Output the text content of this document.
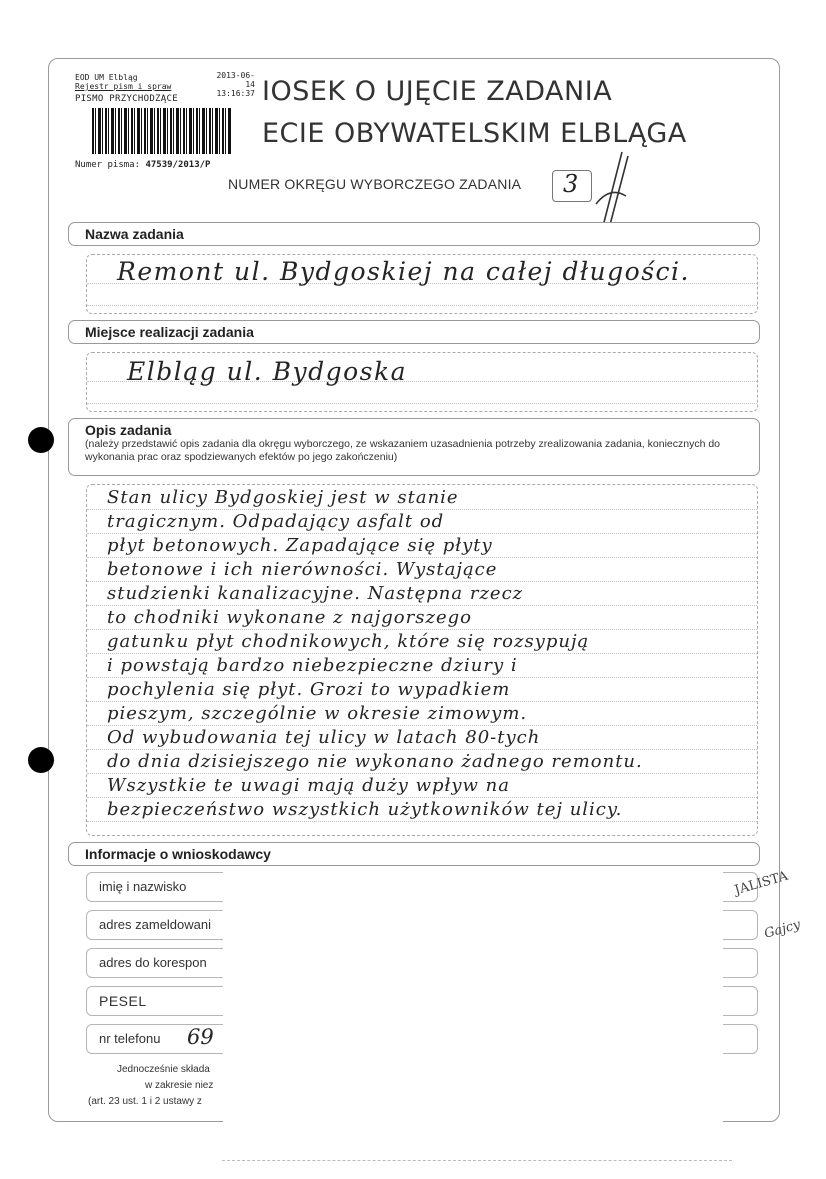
IOSEK O UJĘCIE ZADANIA
ECIE OBYWATELSKIM ELBLĄGA
EOD UM Elbląg
Rejestr pism i spraw
2013-06-14
13:16:37
PISMO PRZYCHODZĄCE
Numer pisma: 47539/2013/P
NUMER OKRĘGU WYBORCZEGO ZADANIA 3
Nazwa zadania
Remont ul. Bydgoskiej na całej długości.
Miejsce realizacji zadania
Elbląg ul. Bydgoska
Opis zadania
(należy przedstawić opis zadania dla okręgu wyborczego, ze wskazaniem uzasadnienia potrzeby zrealizowania zadania, koniecznych do wykonania prac oraz spodziewanych efektów po jego zakończeniu)
Stan ulicy Bydgoskiej jest w stanie
tragicznym. Odpadający asfalt od
płyt betonowych. Zapadające się płyty
betonowe i ich nierówności. Wystające
studzienki kanalizacyjne. Następna rzecz
to chodniki wykonane z najgorszego
gatunku płyt chodnikowych, które się rozsypują
i powstają bardzo niebezpieczne dziury i
pochylenia się płyt. Grozi to wypadkiem
pieszym, szczególnie w okresie zimowym.
Od wybudowania tej ulicy w latach 80-tych
do dnia dzisiejszego nie wykonano żadnego remontu.
Wszystkie te uwagi mają duży wpływ na
bezpieczeństwo wszystkich użytkowników tej ulicy.
Informacje o wnioskodawcy
imię i nazwisko
adres zameldowani
adres do korespon
PESEL
nr telefonu 69
Jednocześnie składa
w zakresie niez
(art. 23 ust. 1 i 2 ustawy z
JALISTA
Gajcy
